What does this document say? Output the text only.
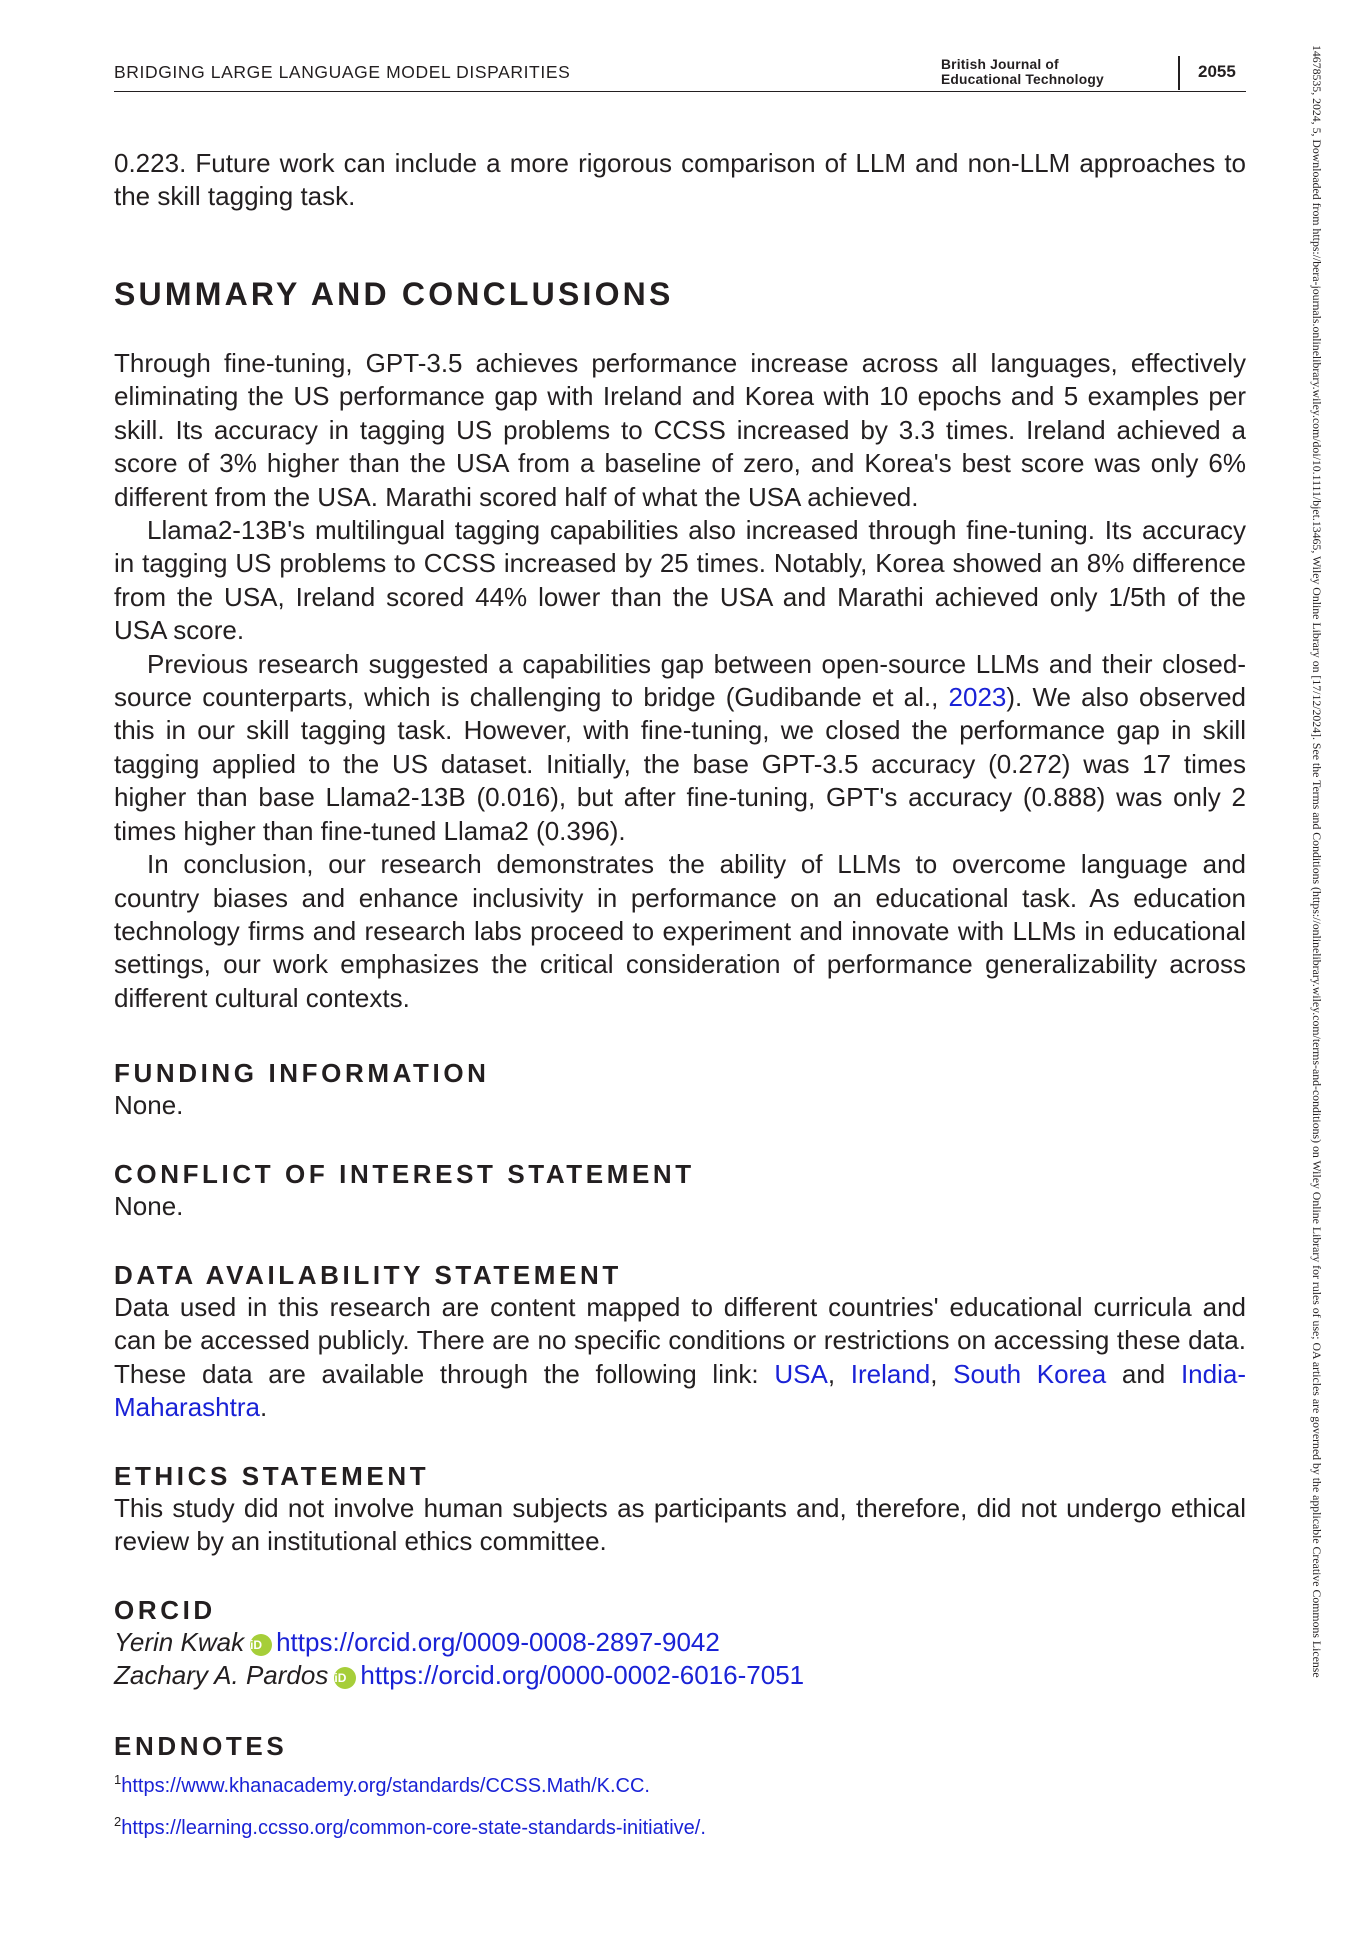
BRIDGING LARGE LANGUAGE MODEL DISPARITIES	British Journal of
Educational Technology	2055	14678535, 2024, 5, Downloaded from https://bera-journals.onlinelibrary.wiley.com/doi/10.1111/bjet.13465, Wiley Online Library on [17/12/2024]. See the Terms and Conditions (https://onlinelibrary.wiley.com/terms-and-conditions) on Wiley Online Library for rules of use; OA articles are governed by the applicable Creative Commons License

0.223. Future work can include a more rigorous comparison of LLM and non-LLM approaches to the skill tagging task.

SUMMARY AND CONCLUSIONS

Through fine-tuning, GPT-3.5 achieves performance increase across all languages, effectively eliminating the US performance gap with Ireland and Korea with 10 epochs and 5 examples per skill. Its accuracy in tagging US problems to CCSS increased by 3.3 times. Ireland achieved a score of 3% higher than the USA from a baseline of zero, and Korea's best score was only 6% different from the USA. Marathi scored half of what the USA achieved.

Llama2-13B's multilingual tagging capabilities also increased through fine-tuning. Its accuracy in tagging US problems to CCSS increased by 25 times. Notably, Korea showed an 8% difference from the USA, Ireland scored 44% lower than the USA and Marathi achieved only 1/5th of the USA score.

Previous research suggested a capabilities gap between open-source LLMs and their closed-source counterparts, which is challenging to bridge (Gudibande et al., 2023). We also observed this in our skill tagging task. However, with fine-tuning, we closed the performance gap in skill tagging applied to the US dataset. Initially, the base GPT-3.5 accuracy (0.272) was 17 times higher than base Llama2-13B (0.016), but after fine-tuning, GPT's accuracy (0.888) was only 2 times higher than fine-tuned Llama2 (0.396).

In conclusion, our research demonstrates the ability of LLMs to overcome language and country biases and enhance inclusivity in performance on an educational task. As education technology firms and research labs proceed to experiment and innovate with LLMs in educational settings, our work emphasizes the critical consideration of performance generalizability across different cultural contexts.

FUNDING INFORMATION

None.

CONFLICT OF INTEREST STATEMENT

None.

DATA AVAILABILITY STATEMENT

Data used in this research are content mapped to different countries' educational curricula and can be accessed publicly. There are no specific conditions or restrictions on accessing these data. These data are available through the following link: USA, Ireland, South Korea and India-Maharashtra.

ETHICS STATEMENT

This study did not involve human subjects as participants and, therefore, did not undergo ethical review by an institutional ethics committee.

ORCID

Yerin Kwak iD https://orcid.org/0009-0008-2897-9042

Zachary A. Pardos iD https://orcid.org/0000-0002-6016-7051

ENDNOTES
$^1$https://www.khanacademy.org/standards/CCSS.Math/K.CC.
$^2$https://learning.ccsso.org/common-core-state-standards-initiative/.
